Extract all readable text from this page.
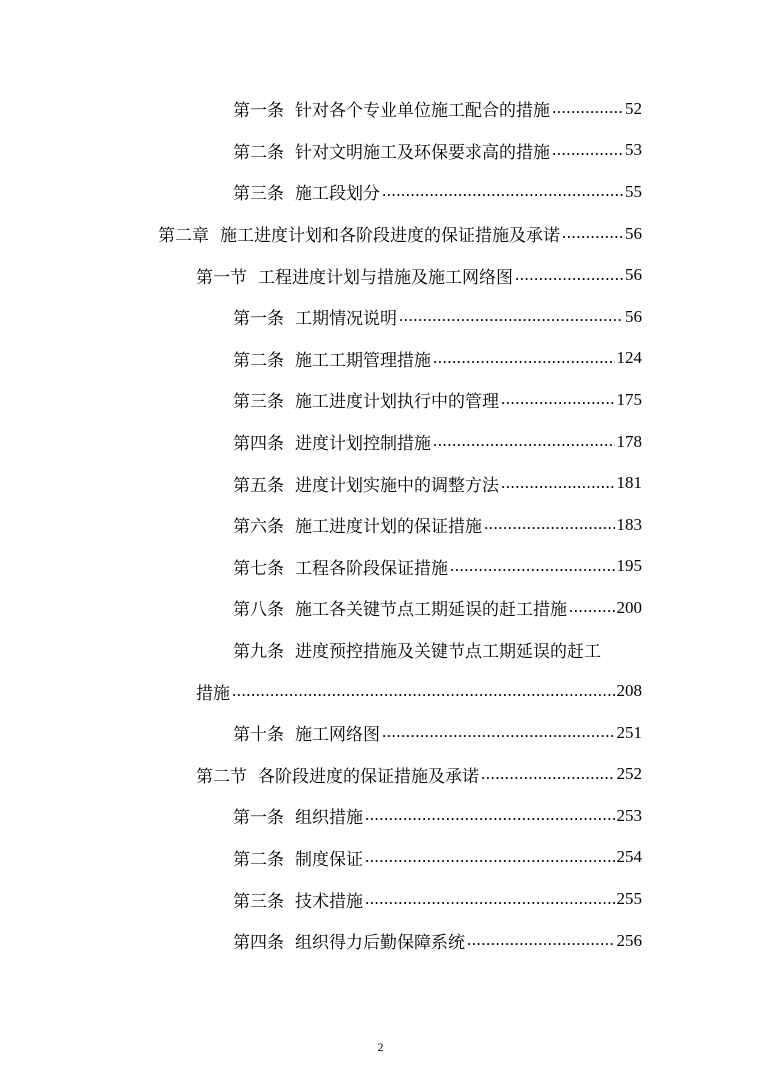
第一条 针对各个专业单位施工配合的措施 .....	52
第二条 针对文明施工及环保要求高的措施 .....	53
第三条 施工段划分 .....	55
第二章 施工进度计划和各阶段进度的保证措施及承诺 .....	56
第一节 工程进度计划与措施及施工网络图 .....	56
第一条 工期情况说明 .....	56
第二条 施工工期管理措施 .....	124
第三条 施工进度计划执行中的管理 .....	175
第四条 进度计划控制措施 .....	178
第五条 进度计划实施中的调整方法 .....	181
第六条 施工进度计划的保证措施 .....	183
第七条 工程各阶段保证措施 .....	195
第八条 施工各关键节点工期延误的赶工措施 .....	200
第九条 进度预控措施及关键节点工期延误的赶工
措施 .....	208
第十条 施工网络图 .....	251
第二节 各阶段进度的保证措施及承诺 .....	252
第一条 组织措施 .....	253
第二条 制度保证 .....	254
第三条 技术措施 .....	255
第四条 组织得力后勤保障系统 .....	256
2
